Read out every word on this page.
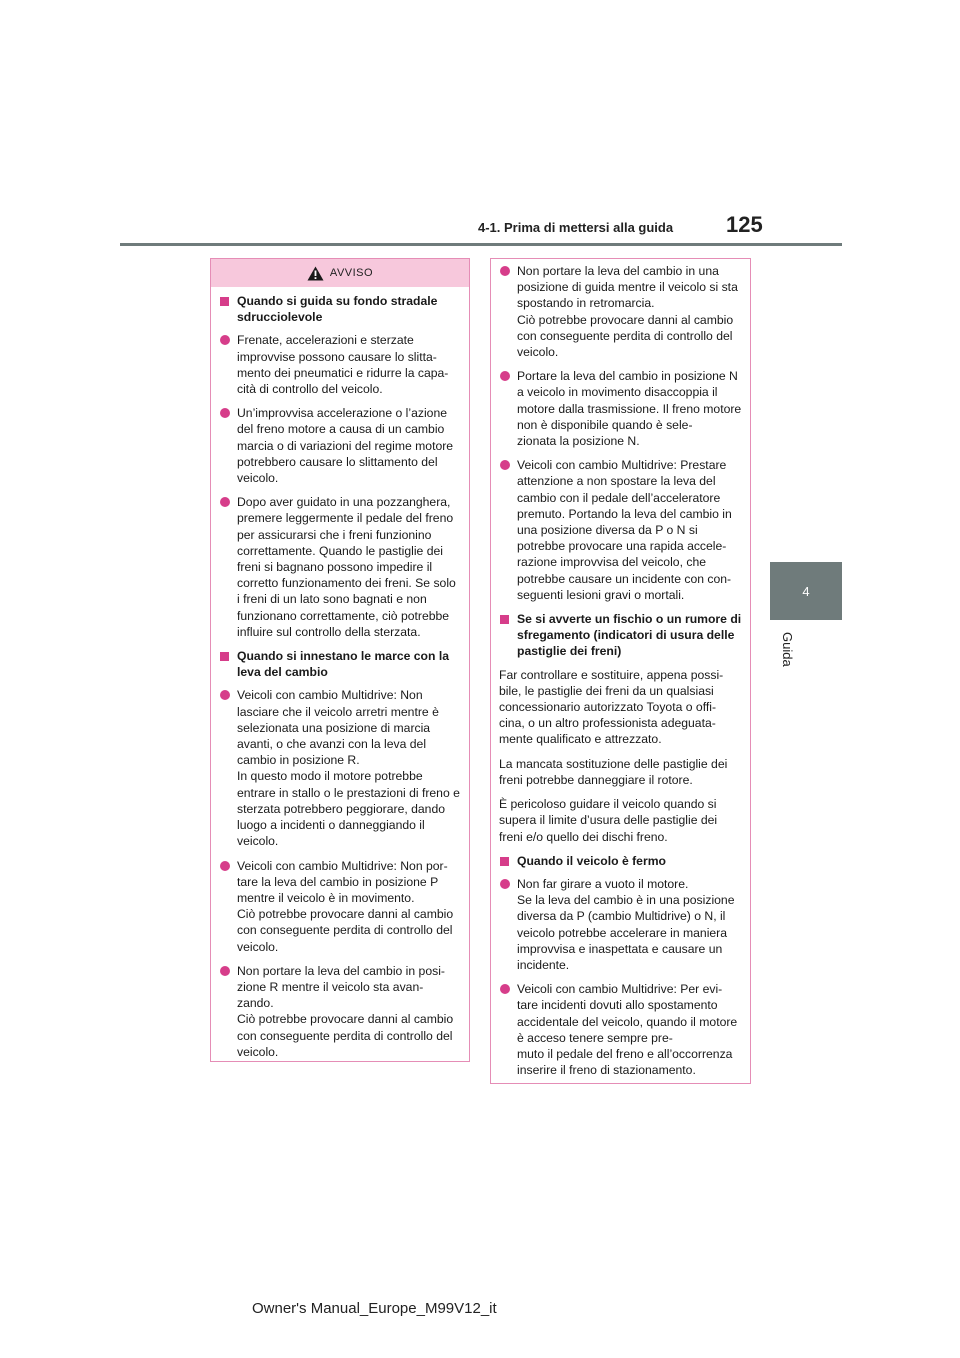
4-1. Prima di mettersi alla guida 125
4
Guida
AVVISO
Quando si guida su fondo stradale sdrucciolevole
Frenate, accelerazioni e sterzate improvvise possono causare lo slitta-
mento dei pneumatici e ridurre la capa-
cità di controllo del veicolo.
Un’improvvisa accelerazione o l’azione del freno motore a causa di un cambio marcia o di variazioni del regime motore potrebbero causare lo slittamento del veicolo.
Dopo aver guidato in una pozzanghera, premere leggermente il pedale del freno per assicurarsi che i freni funzionino correttamente. Quando le pastiglie dei freni si bagnano possono impedire il corretto funzionamento dei freni. Se solo i freni di un lato sono bagnati e non funzionano correttamente, ciò potrebbe influire sul controllo della sterzata.
Quando si innestano le marce con la leva del cambio
Veicoli con cambio Multidrive: Non lasciare che il veicolo arretri mentre è selezionata una posizione di marcia avanti, o che avanzi con la leva del cambio in posizione R.
In questo modo il motore potrebbe entrare in stallo o le prestazioni di freno e sterzata potrebbero peggiorare, dando luogo a incidenti o danneggiando il veicolo.
Veicoli con cambio Multidrive: Non por-
tare la leva del cambio in posizione P mentre il veicolo è in movimento.
Ciò potrebbe provocare danni al cambio con conseguente perdita di controllo del veicolo.
Non portare la leva del cambio in posi-
zione R mentre il veicolo sta avan-
zando.
Ciò potrebbe provocare danni al cambio con conseguente perdita di controllo del veicolo.
Non portare la leva del cambio in una posizione di guida mentre il veicolo si sta spostando in retromarcia.
Ciò potrebbe provocare danni al cambio con conseguente perdita di controllo del veicolo.
Portare la leva del cambio in posizione N a veicolo in movimento disaccoppia il motore dalla trasmissione. Il freno motore non è disponibile quando è sele-
zionata la posizione N.
Veicoli con cambio Multidrive: Prestare attenzione a non spostare la leva del cambio con il pedale dell’acceleratore premuto. Portando la leva del cambio in una posizione diversa da P o N si potrebbe provocare una rapida accele-
razione improvvisa del veicolo, che potrebbe causare un incidente con con-
seguenti lesioni gravi o mortali.
Se si avverte un fischio o un rumore di sfregamento (indicatori di usura delle pastiglie dei freni)
Far controllare e sostituire, appena possi-
bile, le pastiglie dei freni da un qualsiasi concessionario autorizzato Toyota o offi-
cina, o un altro professionista adeguata-
mente qualificato e attrezzato.
La mancata sostituzione delle pastiglie dei freni potrebbe danneggiare il rotore.
È pericoloso guidare il veicolo quando si supera il limite d’usura delle pastiglie dei freni e/o quello dei dischi freno.
Quando il veicolo è fermo
Non far girare a vuoto il motore.
Se la leva del cambio è in una posizione diversa da P (cambio Multidrive) o N, il veicolo potrebbe accelerare in maniera improvvisa e inaspettata e causare un incidente.
Veicoli con cambio Multidrive: Per evi-
tare incidenti dovuti allo spostamento accidentale del veicolo, quando il motore è acceso tenere sempre pre-
muto il pedale del freno e all’occorrenza inserire il freno di stazionamento.
Owner's Manual_Europe_M99V12_it
